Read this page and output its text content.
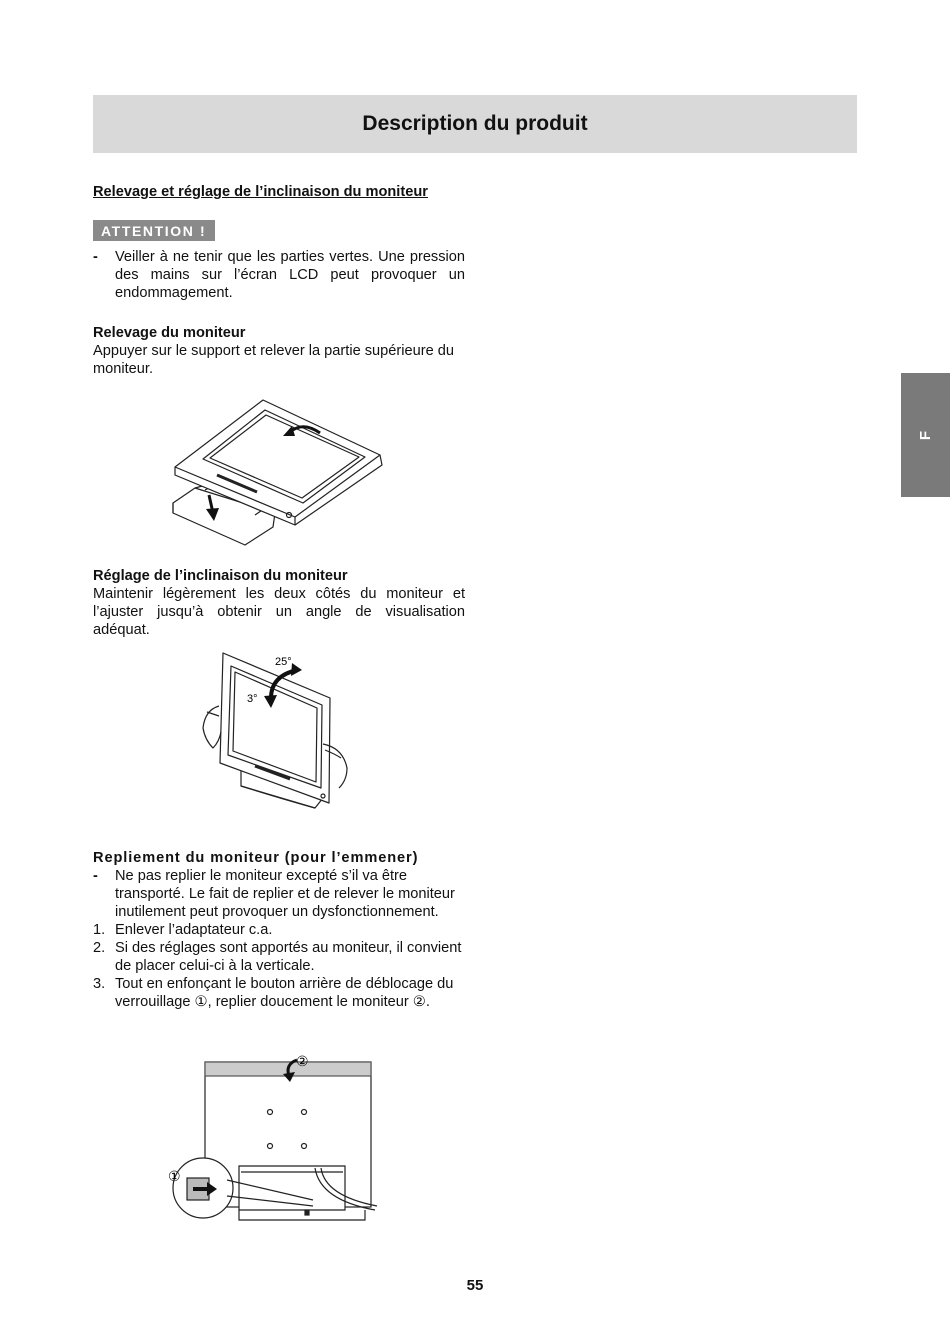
Description du produit
F
Relevage et réglage de l’inclinaison du moniteur
ATTENTION !
-	Veiller à ne tenir que les parties vertes. Une pression des mains sur l’écran LCD peut provoquer un endommagement.
Relevage du moniteur
Appuyer sur le support et relever la partie supérieure du moniteur.
Réglage de l’inclinaison du moniteur
Maintenir légèrement les deux côtés du moniteur et l’ajuster jusqu’à obtenir un angle de visualisation adéquat.
25°
3°
Repliement du moniteur (pour l’emmener)
-	Ne pas replier le moniteur excepté s’il va être transporté. Le fait de replier et de relever le moniteur inutilement peut provoquer un dysfonctionnement.
1. Enlever l’adaptateur c.a.
2. Si des réglages sont apportés au moniteur, il convient de placer celui-ci à la verticale.
3. Tout en enfonçant le bouton arrière de déblocage du verrouillage ①, replier doucement le moniteur ②.
①
②
55
